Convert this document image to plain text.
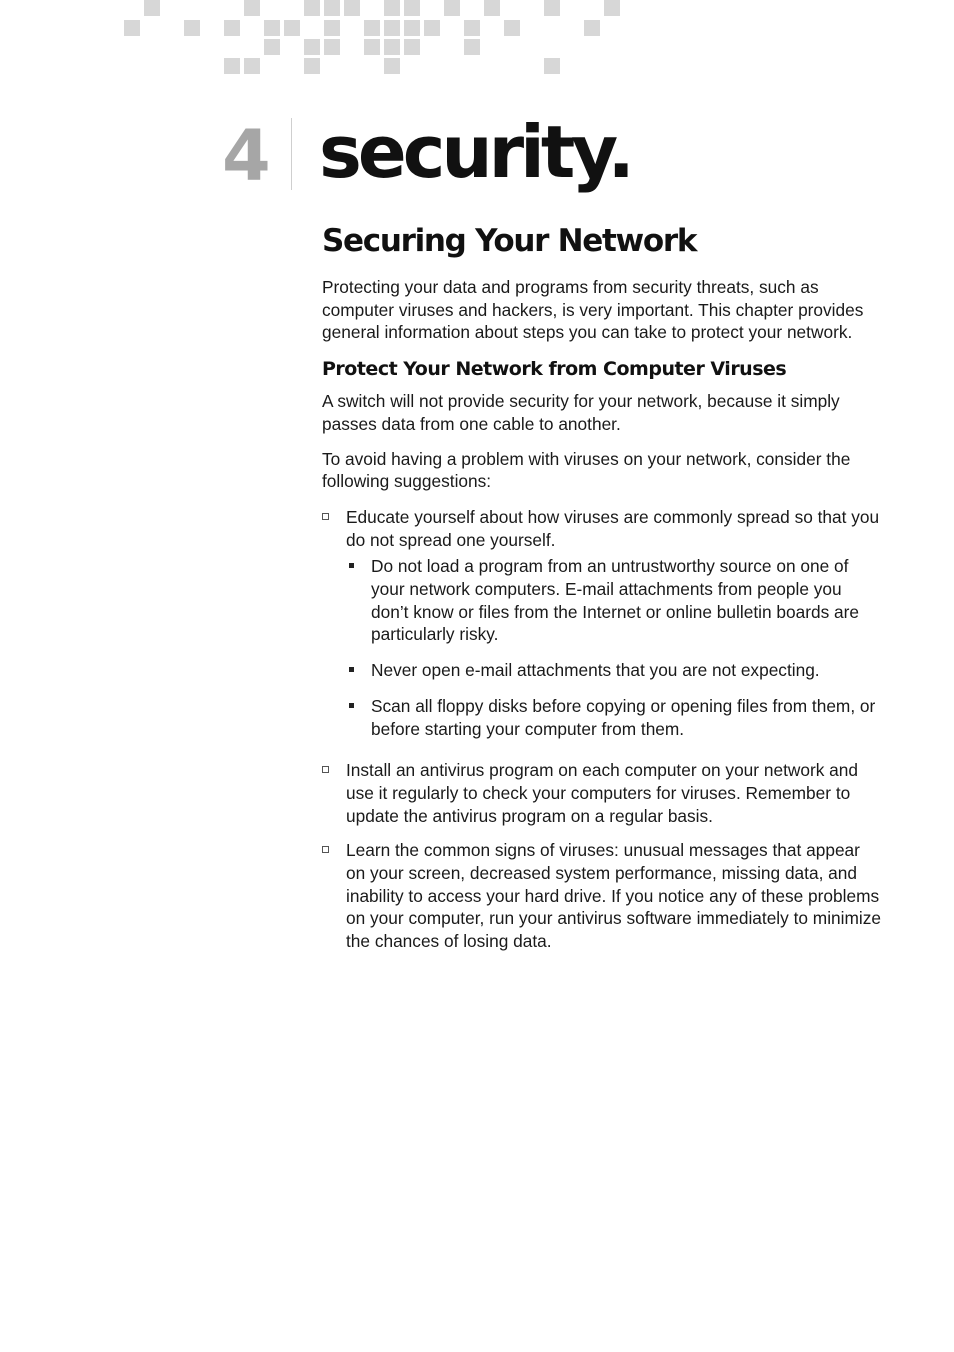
4 security.
Securing Your Network

Protecting your data and programs from security threats, such as computer viruses and hackers, is very important. This chapter provides general information about steps you can take to protect your network.

Protect Your Network from Computer Viruses

A switch will not provide security for your network, because it simply passes data from one cable to another.

To avoid having a problem with viruses on your network, consider the following suggestions:

Educate yourself about how viruses are commonly spread so that you do not spread one yourself.
Do not load a program from an untrustworthy source on one of your network computers. E-mail attachments from people you don’t know or files from the Internet or online bulletin boards are particularly risky.
Never open e-mail attachments that you are not expecting.
Scan all floppy disks before copying or opening files from them, or before starting your computer from them.
Install an antivirus program on each computer on your network and use it regularly to check your computers for viruses. Remember to update the antivirus program on a regular basis.
Learn the common signs of viruses: unusual messages that appear on your screen, decreased system performance, missing data, and inability to access your hard drive. If you notice any of these problems on your computer, run your antivirus software immediately to minimize the chances of losing data.
